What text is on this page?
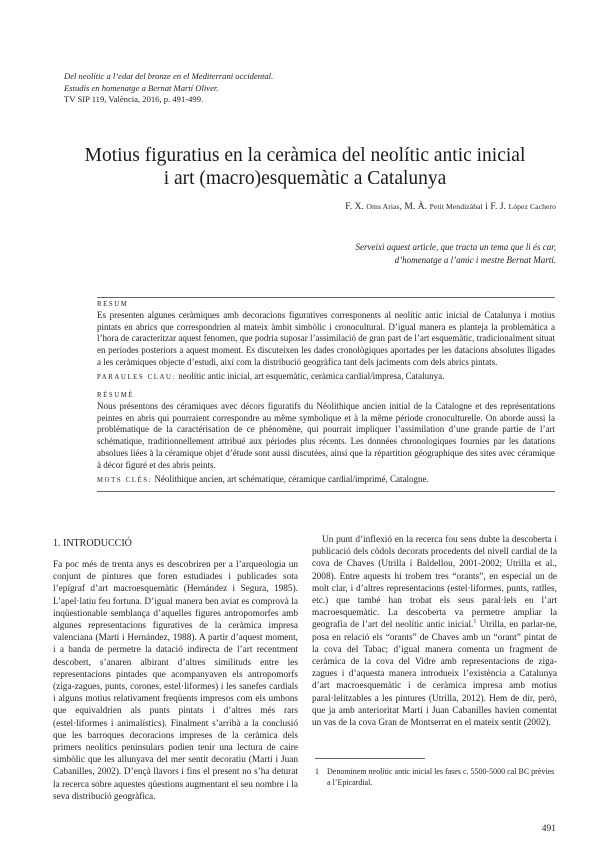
Del neolític a l’edat del bronze en el Mediterrani occidental.
Estudis en homenatge a Bernat Martí Oliver.
TV SIP 119, València, 2016, p. 491-499.
Motius figuratius en la ceràmica del neolític antic inicial
i art (macro)esquemàtic a Catalunya
F. X. Oms Arias, M. À. Petit Mendizàbal i F. J. López Cachero
Serveixi aquest article, que tracta un tema que li és car,
d’homenatge a l’amic i mestre Bernat Martí.
RESUM
Es presenten algunes ceràmiques amb decoracions figuratives corresponents al neolític antic inicial de Catalunya i motius pintats en abrics que correspondrien al mateix àmbit simbòlic i cronocultural. D’igual manera es planteja la problemàtica a l’hora de caracteritzar aquest fenomen, que podria suposar l’assimilació de gran part de l’art esquemàtic, tradicionalment situat en períodes posteriors a aquest moment. Es discuteixen les dades cronològiques aportades per les datacions absolutes lligades a les ceràmiques objecte d’estudi, així com la distribució geogràfica tant dels jaciments com dels abrics pintats.
PARAULES CLAU: neolític antic inicial, art esquemàtic, ceràmica cardial/impresa, Catalunya.
RÉSUMÉ
Nous présentons des céramiques avec décors figuratifs du Néolithique ancien initial de la Catalogne et des représentations peintes en abris qui pourraient correspondre au même symbolique et à la même période cronoculturelle. On aborde aussi la problématique de la caractérisation de ce phénomène, qui pourrait impliquer l’assimilation d’une grande partie de l’art schématique, traditionnellement attribué aux périodes plus récents. Les données chronologiques fournies par les datations absolues liées à la céramique objet d’étude sont aussi discutées, ainsi que la répartition géographique des sites avec céramique à décor figuré et des abris peints.
MOTS CLÉS: Néolithique ancien, art schématique, céramique cardial/imprimé, Catalogne.
1. INTRODUCCIÓ

Fa poc més de trenta anys es descobriren per a l’arqueologia un conjunt de pintures que foren estudiades i publicades sota l’epígraf d’art macroesquemàtic (Hernández i Segura, 1985). L’apel·latiu feu fortuna. D’igual manera ben aviat es comprovà la inqüestionable semblança d’aquelles figures antropomorfes amb algunes representacions figuratives de la ceràmica impresa valenciana (Martí i Hernández, 1988). A partir d’aquest moment, i a banda de permetre la datació indirecta de l’art recentment descobert, s’anaren albirant d’altres similituds entre les representacions pintades que acompanyaven els antropomorfs (ziga-zagues, punts, corones, estel·liformes) i les sanefes cardials i alguns motius relativament freqüents impresos com els umbons que equivaldrien als punts pintats i d’altres més rars (estel·liformes i animalístics). Finalment s’arribà a la conclusió que les barroques decoracions impreses de la ceràmica dels primers neolítics peninsulars podien tenir una lectura de caire simbòlic que les allunyava del mer sentit decoratiu (Martí i Juan Cabanilles, 2002). D’ençà llavors i fins el present no s’ha deturat la recerca sobre aquestes qüestions augmentant el seu nombre i la seva distribució geogràfica.

Un punt d’inflexió en la recerca fou sens dubte la descoberta i publicació dels còdols decorats procedents del nivell cardial de la cova de Chaves (Utrilla i Baldellou, 2001-2002; Utrilla et al., 2008). Entre aquests hi trobem tres “orants”, en especial un de molt clar, i d’altres representacions (estel·liformes, punts, ratlles, etc.) que també han trobat els seus paral·lels en l’art macroesquemàtic. La descoberta va permetre ampliar la geografia de l’art del neolític antic inicial.$^1$ Utrilla, en parlar-ne, posa en relació els “orants” de Chaves amb un “orant” pintat de la cova del Tabac; d’igual manera comenta un fragment de ceràmica de la cova del Vidre amb representacions de ziga-zagues i d’aquesta manera introdueix l’existència a Catalunya d’art macroesquemàtic i de ceràmica impresa amb motius paral·lelitzables a les pintures (Utrilla, 2012). Hem de dir, però, que ja amb anterioritat Martí i Juan Cabanilles havien comentat un vas de la cova Gran de Montserrat en el mateix sentit (2002).

1 Denominem neolític antic inicial les fases c. 5500-5000 cal BC prèvies a l’Epicardial.
491
